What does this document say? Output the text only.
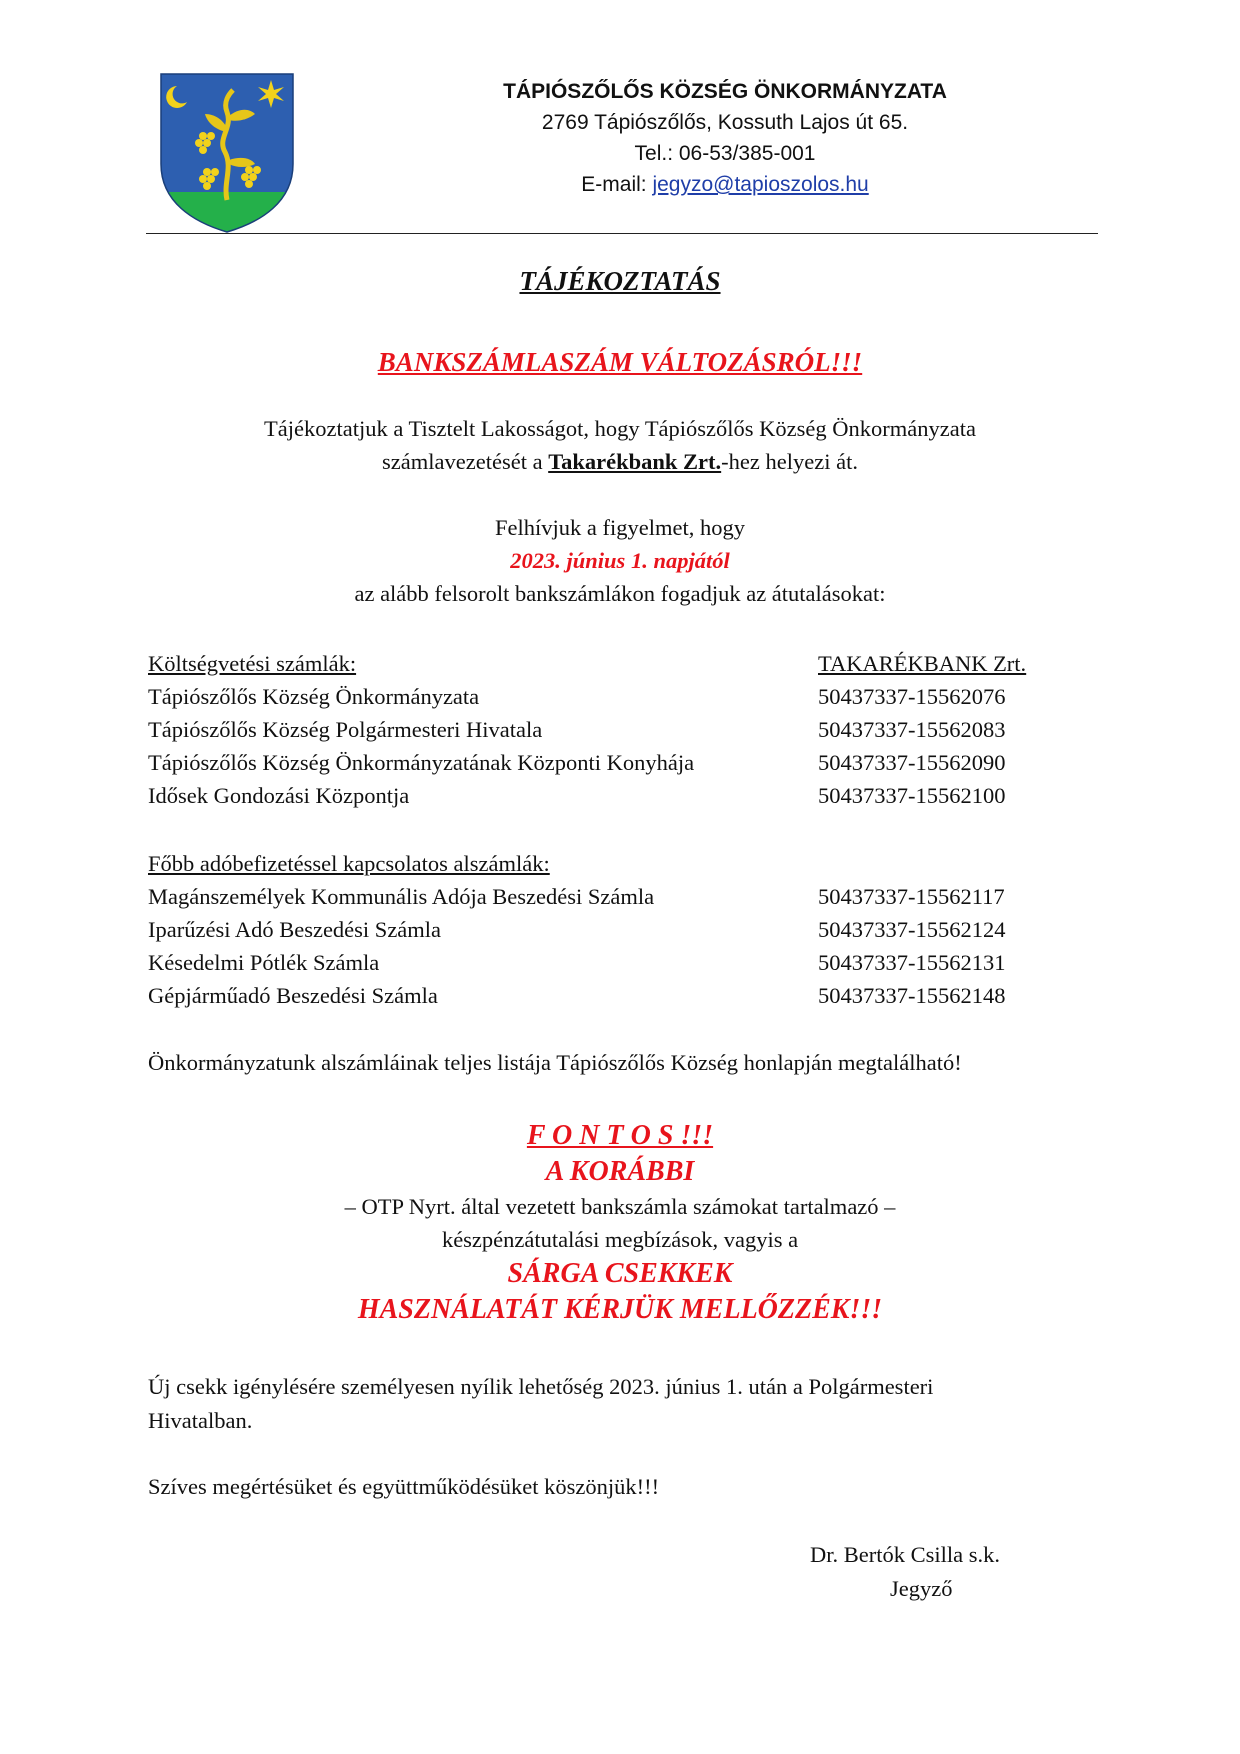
TÁPIÓSZŐLŐS KÖZSÉG ÖNKORMÁNYZATA
2769 Tápiószőlős, Kossuth Lajos út 65.
Tel.: 06-53/385-001
E-mail: jegyzo@tapioszolos.hu
TÁJÉKOZTATÁS
BANKSZÁMLASZÁM VÁLTOZÁSRÓL!!!
Tájékoztatjuk a Tisztelt Lakosságot, hogy Tápiószőlős Község Önkormányzata
számlavezetését a Takarékbank Zrt.-hez helyezi át.
Felhívjuk a figyelmet, hogy
2023. június 1. napjától
az alább felsorolt bankszámlákon fogadjuk az átutalásokat:
Költségvetési számlák:	TAKARÉKBANK Zrt.
Tápiószőlős Község Önkormányzata	50437337-15562076
Tápiószőlős Község Polgármesteri Hivatala	50437337-15562083
Tápiószőlős Község Önkormányzatának Központi Konyhája	50437337-15562090
Idősek Gondozási Központja	50437337-15562100
Főbb adóbefizetéssel kapcsolatos alszámlák:
Magánszemélyek Kommunális Adója Beszedési Számla	50437337-15562117
Iparűzési Adó Beszedési Számla	50437337-15562124
Késedelmi Pótlék Számla	50437337-15562131
Gépjárműadó Beszedési Számla	50437337-15562148
Önkormányzatunk alszámláinak teljes listája Tápiószőlős Község honlapján megtalálható!
F O N T O S !!!
A KORÁBBI
– OTP Nyrt. által vezetett bankszámla számokat tartalmazó –
készpénzátutalási megbízások, vagyis a
SÁRGA CSEKKEK
HASZNÁLATÁT KÉRJÜK MELLŐZZÉK!!!
Új csekk igénylésére személyesen nyílik lehetőség 2023. június 1. után a Polgármesteri
Hivatalban.
Szíves megértésüket és együttműködésüket köszönjük!!!
Dr. Bertók Csilla s.k.
Jegyző
